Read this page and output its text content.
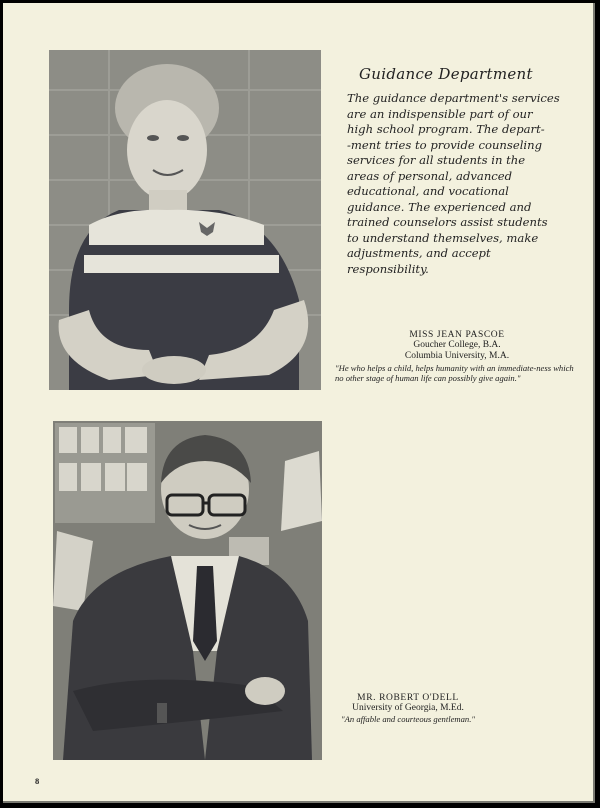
Guidance Department
The guidance department's services
are an indispensible part of our
high school program. The depart-
-ment tries to provide counseling
services for all students in the
areas of personal, advanced
educational, and vocational
guidance. The experienced and
trained counselors assist students
to understand themselves, make
adjustments, and accept
responsibility.
MISS JEAN PASCOE
Goucher College, B.A.
Columbia University, M.A.
"He who helps a child, helps humanity with an immediate-ness which no other stage of human life can possibly give again."
MR. ROBERT O'DELL
University of Georgia, M.Ed.
"An affable and courteous gentleman."
8
